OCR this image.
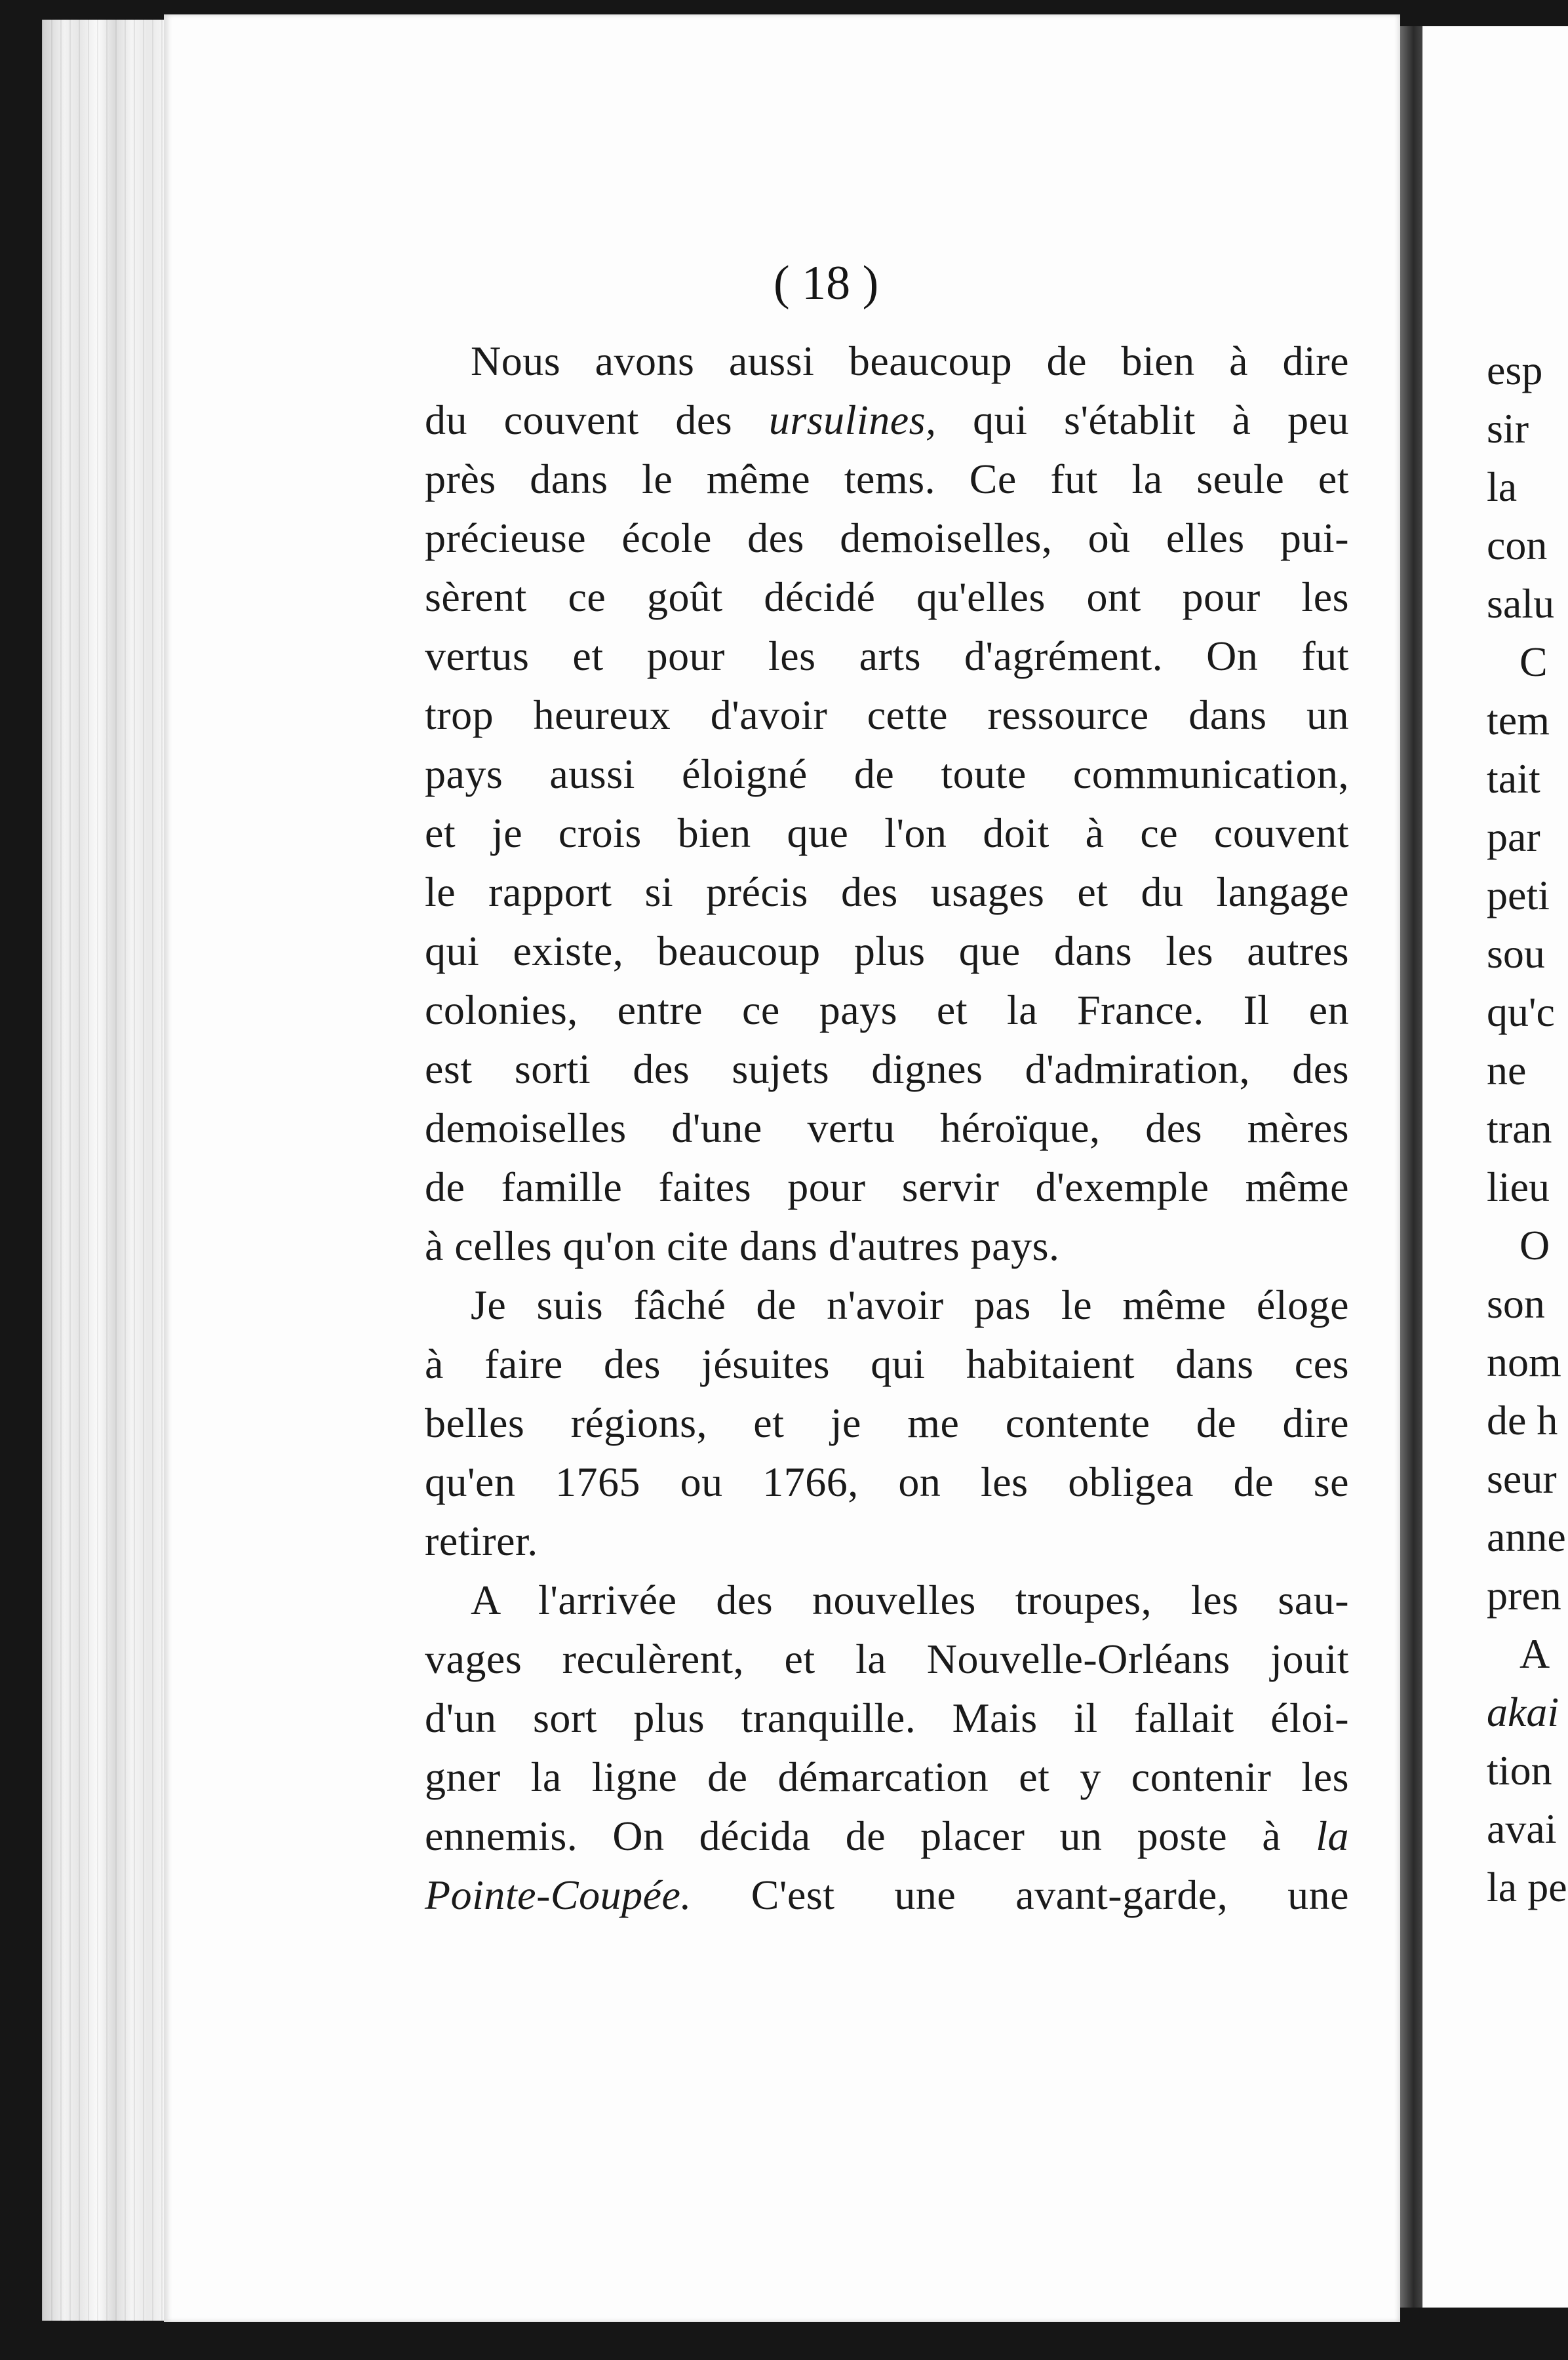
( 18 )
Nous avons aussi beaucoup de bien à dire
du couvent des ursulines, qui s'établit à peu
près dans le même tems. Ce fut la seule et
précieuse école des demoiselles, où elles pui-
sèrent ce goût décidé qu'elles ont pour les
vertus et pour les arts d'agrément. On fut
trop heureux d'avoir cette ressource dans un
pays aussi éloigné de toute communication,
et je crois bien que l'on doit à ce couvent
le rapport si précis des usages et du langage
qui existe, beaucoup plus que dans les autres
colonies, entre ce pays et la France. Il en
est sorti des sujets dignes d'admiration, des
demoiselles d'une vertu héroïque, des mères
de famille faites pour servir d'exemple même
à celles qu'on cite dans d'autres pays.
Je suis fâché de n'avoir pas le même éloge
à faire des jésuites qui habitaient dans ces
belles régions, et je me contente de dire
qu'en 1765 ou 1766, on les obligea de se
retirer.
A l'arrivée des nouvelles troupes, les sau-
vages reculèrent, et la Nouvelle-Orléans jouit
d'un sort plus tranquille. Mais il fallait éloi-
gner la ligne de démarcation et y contenir les
ennemis. On décida de placer un poste à la
Pointe-Coupée. C'est une avant-garde, une
esp
sir
la
con
salu
C
tem
tait
par
peti
sou
qu'c
ne
tran
lieu
O
son
nom
de h
seur
anne
pren
A
akai
tion
avai
la pe
